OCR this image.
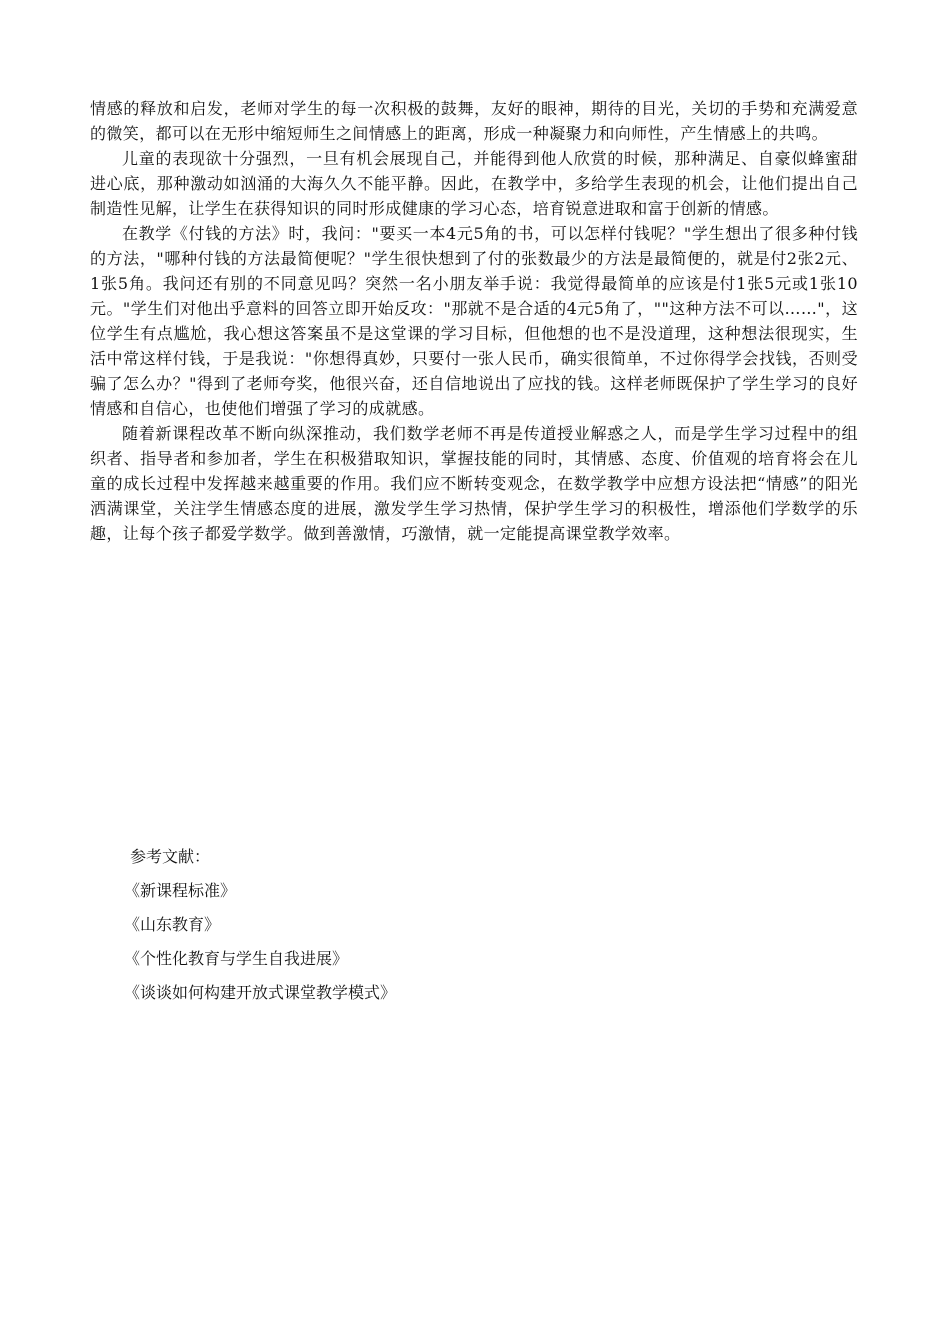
情感的释放和启发，老师对学生的每一次积极的鼓舞，友好的眼神，期待的目光，关切的手势和充满爱意的微笑，都可以在无形中缩短师生之间情感上的距离，形成一种凝聚力和向师性，产生情感上的共鸣。

儿童的表现欲十分强烈，一旦有机会展现自己，并能得到他人欣赏的时候，那种满足、自豪似蜂蜜甜进心底，那种激动如汹涌的大海久久不能平静。因此，在教学中，多给学生表现的机会，让他们提出自己制造性见解，让学生在获得知识的同时形成健康的学习心态，培育锐意进取和富于创新的情感。

在教学《付钱的方法》时，我问："要买一本4元5角的书，可以怎样付钱呢？"学生想出了很多种付钱的方法，"哪种付钱的方法最简便呢？"学生很快想到了付的张数最少的方法是最简便的，就是付2张2元、1张5角。我问还有别的不同意见吗？突然一名小朋友举手说：我觉得最简单的应该是付1张5元或1张10元。"学生们对他出乎意料的回答立即开始反攻："那就不是合适的4元5角了，""这种方法不可以……"，这位学生有点尴尬，我心想这答案虽不是这堂课的学习目标，但他想的也不是没道理，这种想法很现实，生活中常这样付钱，于是我说："你想得真妙，只要付一张人民币，确实很简单，不过你得学会找钱，否则受骗了怎么办？"得到了老师夸奖，他很兴奋，还自信地说出了应找的钱。这样老师既保护了学生学习的良好情感和自信心，也使他们增强了学习的成就感。

随着新课程改革不断向纵深推动，我们数学老师不再是传道授业解惑之人，而是学生学习过程中的组织者、指导者和参加者，学生在积极猎取知识，掌握技能的同时，其情感、态度、价值观的培育将会在儿童的成长过程中发挥越来越重要的作用。我们应不断转变观念，在数学教学中应想方设法把“情感”的阳光洒满课堂，关注学生情感态度的进展，激发学生学习热情，保护学生学习的积极性，增添他们学数学的乐趣，让每个孩子都爱学数学。做到善激情，巧激情，就一定能提高课堂教学效率。

参考文献：

《新课程标准》
《山东教育》
《个性化教育与学生自我进展》
《谈谈如何构建开放式课堂教学模式》
